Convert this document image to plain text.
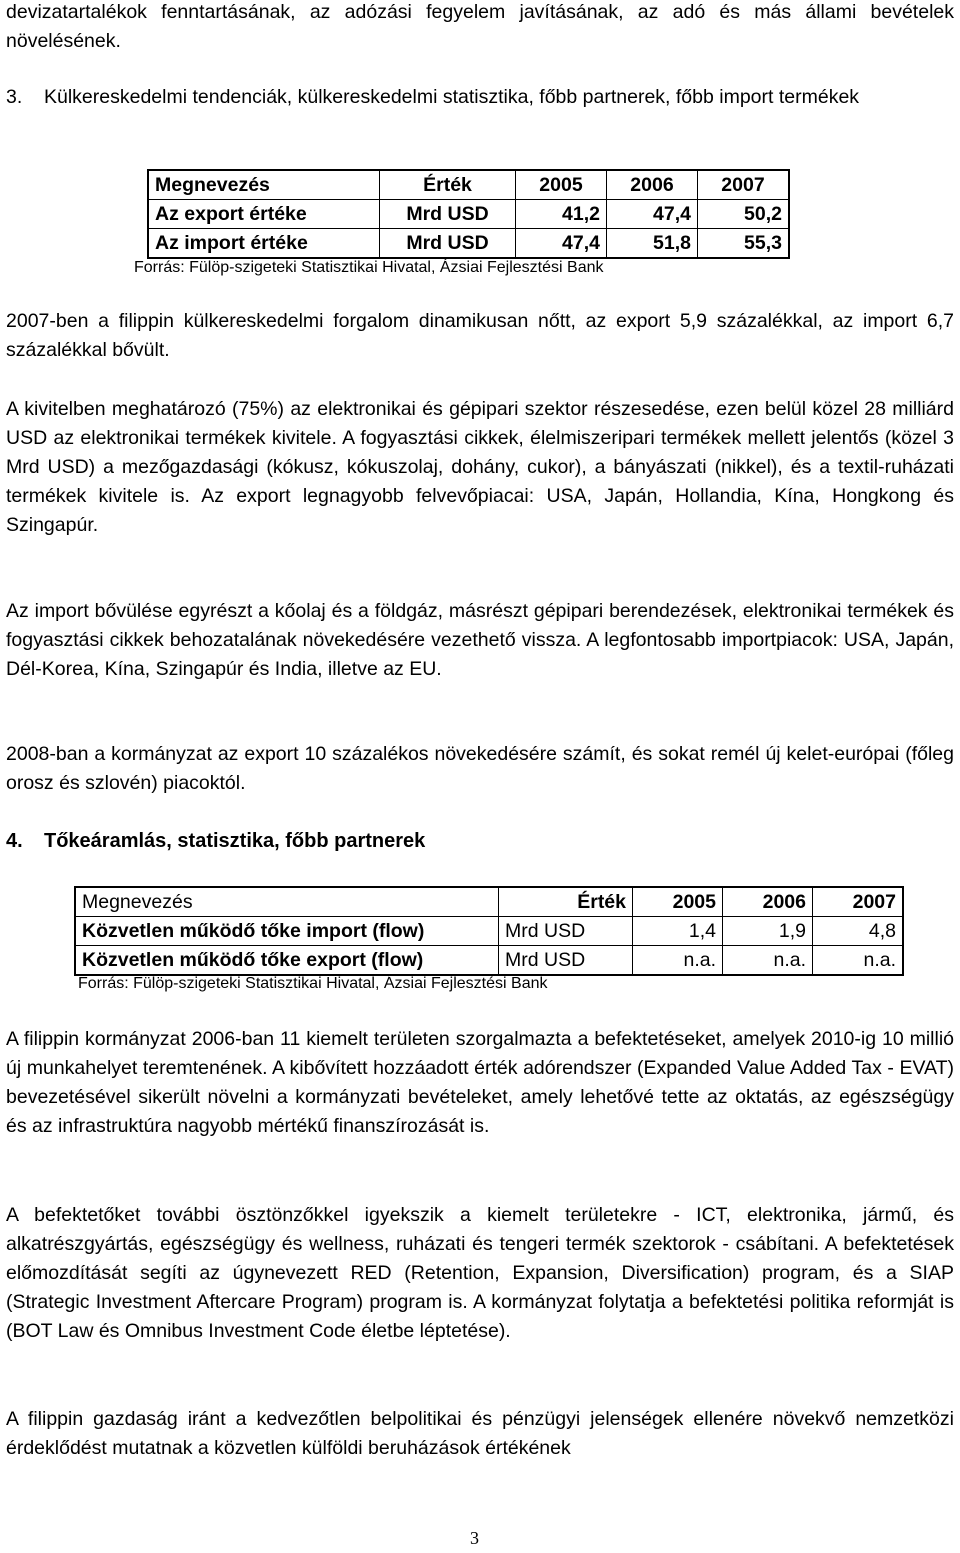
devizatartalékok fenntartásának, az adózási fegyelem javításának, az adó és más állami bevételek növelésének.

3. Külkereskedelmi tendenciák, külkereskedelmi statisztika, főbb partnerek, főbb import termékek

Megnevezés	Érték	2005	2006	2007
Az export értéke	Mrd USD	41,2	47,4	50,2
Az import értéke	Mrd USD	47,4	51,8	55,3
Forrás: Fülöp-szigeteki Statisztikai Hivatal, Ázsiai Fejlesztési Bank

2007-ben a filippin külkereskedelmi forgalom dinamikusan nőtt, az export 5,9 százalékkal, az import 6,7 százalékkal bővült.

A kivitelben meghatározó (75%) az elektronikai és gépipari szektor részesedése, ezen belül közel 28 milliárd USD az elektronikai termékek kivitele. A fogyasztási cikkek, élelmiszeripari termékek mellett jelentős (közel 3 Mrd USD) a mezőgazdasági (kókusz, kókuszolaj, dohány, cukor), a bányászati (nikkel), és a textil-ruházati termékek kivitele is. Az export legnagyobb felvevőpiacai: USA, Japán, Hollandia, Kína, Hongkong és Szingapúr.

Az import bővülése egyrészt a kőolaj és a földgáz, másrészt gépipari berendezések, elektronikai termékek és fogyasztási cikkek behozatalának növekedésére vezethető vissza. A legfontosabb importpiacok: USA, Japán, Dél-Korea, Kína, Szingapúr és India, illetve az EU.

2008-ban a kormányzat az export 10 százalékos növekedésére számít, és sokat remél új kelet-európai (főleg orosz és szlovén) piacoktól.

4. Tőkeáramlás, statisztika, főbb partnerek
Megnevezés	Érték	2005	2006	2007
Közvetlen működő tőke import (flow)	Mrd USD	1,4	1,9	4,8
Közvetlen működő tőke export (flow)	Mrd USD	n.a.	n.a.	n.a.
Forrás: Fülöp-szigeteki Statisztikai Hivatal, Ázsiai Fejlesztési Bank

A filippin kormányzat 2006-ban 11 kiemelt területen szorgalmazta a befektetéseket, amelyek 2010-ig 10 millió új munkahelyet teremtenének. A kibővített hozzáadott érték adórendszer (Expanded Value Added Tax - EVAT) bevezetésével sikerült növelni a kormányzati bevételeket, amely lehetővé tette az oktatás, az egészségügy és az infrastruktúra nagyobb mértékű finanszírozását is.

A befektetőket további ösztönzőkkel igyekszik a kiemelt területekre - ICT, elektronika, jármű, és alkatrészgyártás, egészségügy és wellness, ruházati és tengeri termék szektorok - csábítani. A befektetések előmozdítását segíti az úgynevezett RED (Retention, Expansion, Diversification) program, és a SIAP (Strategic Investment Aftercare Program) program is. A kormányzat folytatja a befektetési politika reformját is (BOT Law és Omnibus Investment Code életbe léptetése).

A filippin gazdaság iránt a kedvezőtlen belpolitikai és pénzügyi jelenségek ellenére növekvő nemzetközi érdeklődést mutatnak a közvetlen külföldi beruházások értékének

3
